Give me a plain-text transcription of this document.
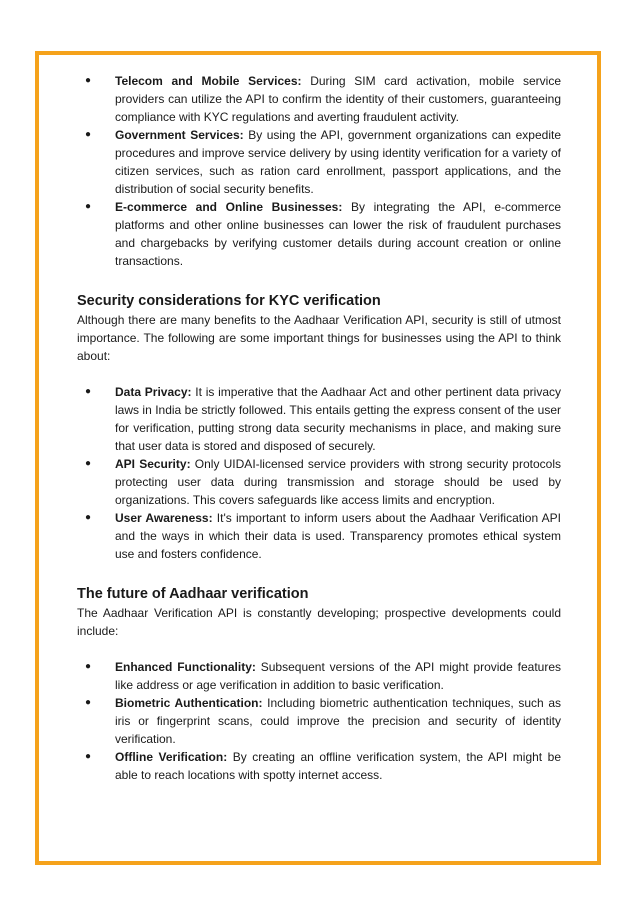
● Telecom and Mobile Services: During SIM card activation, mobile service providers can utilize the API to confirm the identity of their customers, guaranteeing compliance with KYC regulations and averting fraudulent activity.
● Government Services: By using the API, government organizations can expedite procedures and improve service delivery by using identity verification for a variety of citizen services, such as ration card enrollment, passport applications, and the distribution of social security benefits.
● E-commerce and Online Businesses: By integrating the API, e-commerce platforms and other online businesses can lower the risk of fraudulent purchases and chargebacks by verifying customer details during account creation or online transactions.
Security considerations for KYC verification

Although there are many benefits to the Aadhaar Verification API, security is still of utmost importance. The following are some important things for businesses using the API to think about:

● Data Privacy: It is imperative that the Aadhaar Act and other pertinent data privacy laws in India be strictly followed. This entails getting the express consent of the user for verification, putting strong data security mechanisms in place, and making sure that user data is stored and disposed of securely.
● API Security: Only UIDAI-licensed service providers with strong security protocols protecting user data during transmission and storage should be used by organizations. This covers safeguards like access limits and encryption.
● User Awareness: It's important to inform users about the Aadhaar Verification API and the ways in which their data is used. Transparency promotes ethical system use and fosters confidence.
The future of Aadhaar verification

The Aadhaar Verification API is constantly developing; prospective developments could include:

● Enhanced Functionality: Subsequent versions of the API might provide features like address or age verification in addition to basic verification.
● Biometric Authentication: Including biometric authentication techniques, such as iris or fingerprint scans, could improve the precision and security of identity verification.
● Offline Verification: By creating an offline verification system, the API might be able to reach locations with spotty internet access.
